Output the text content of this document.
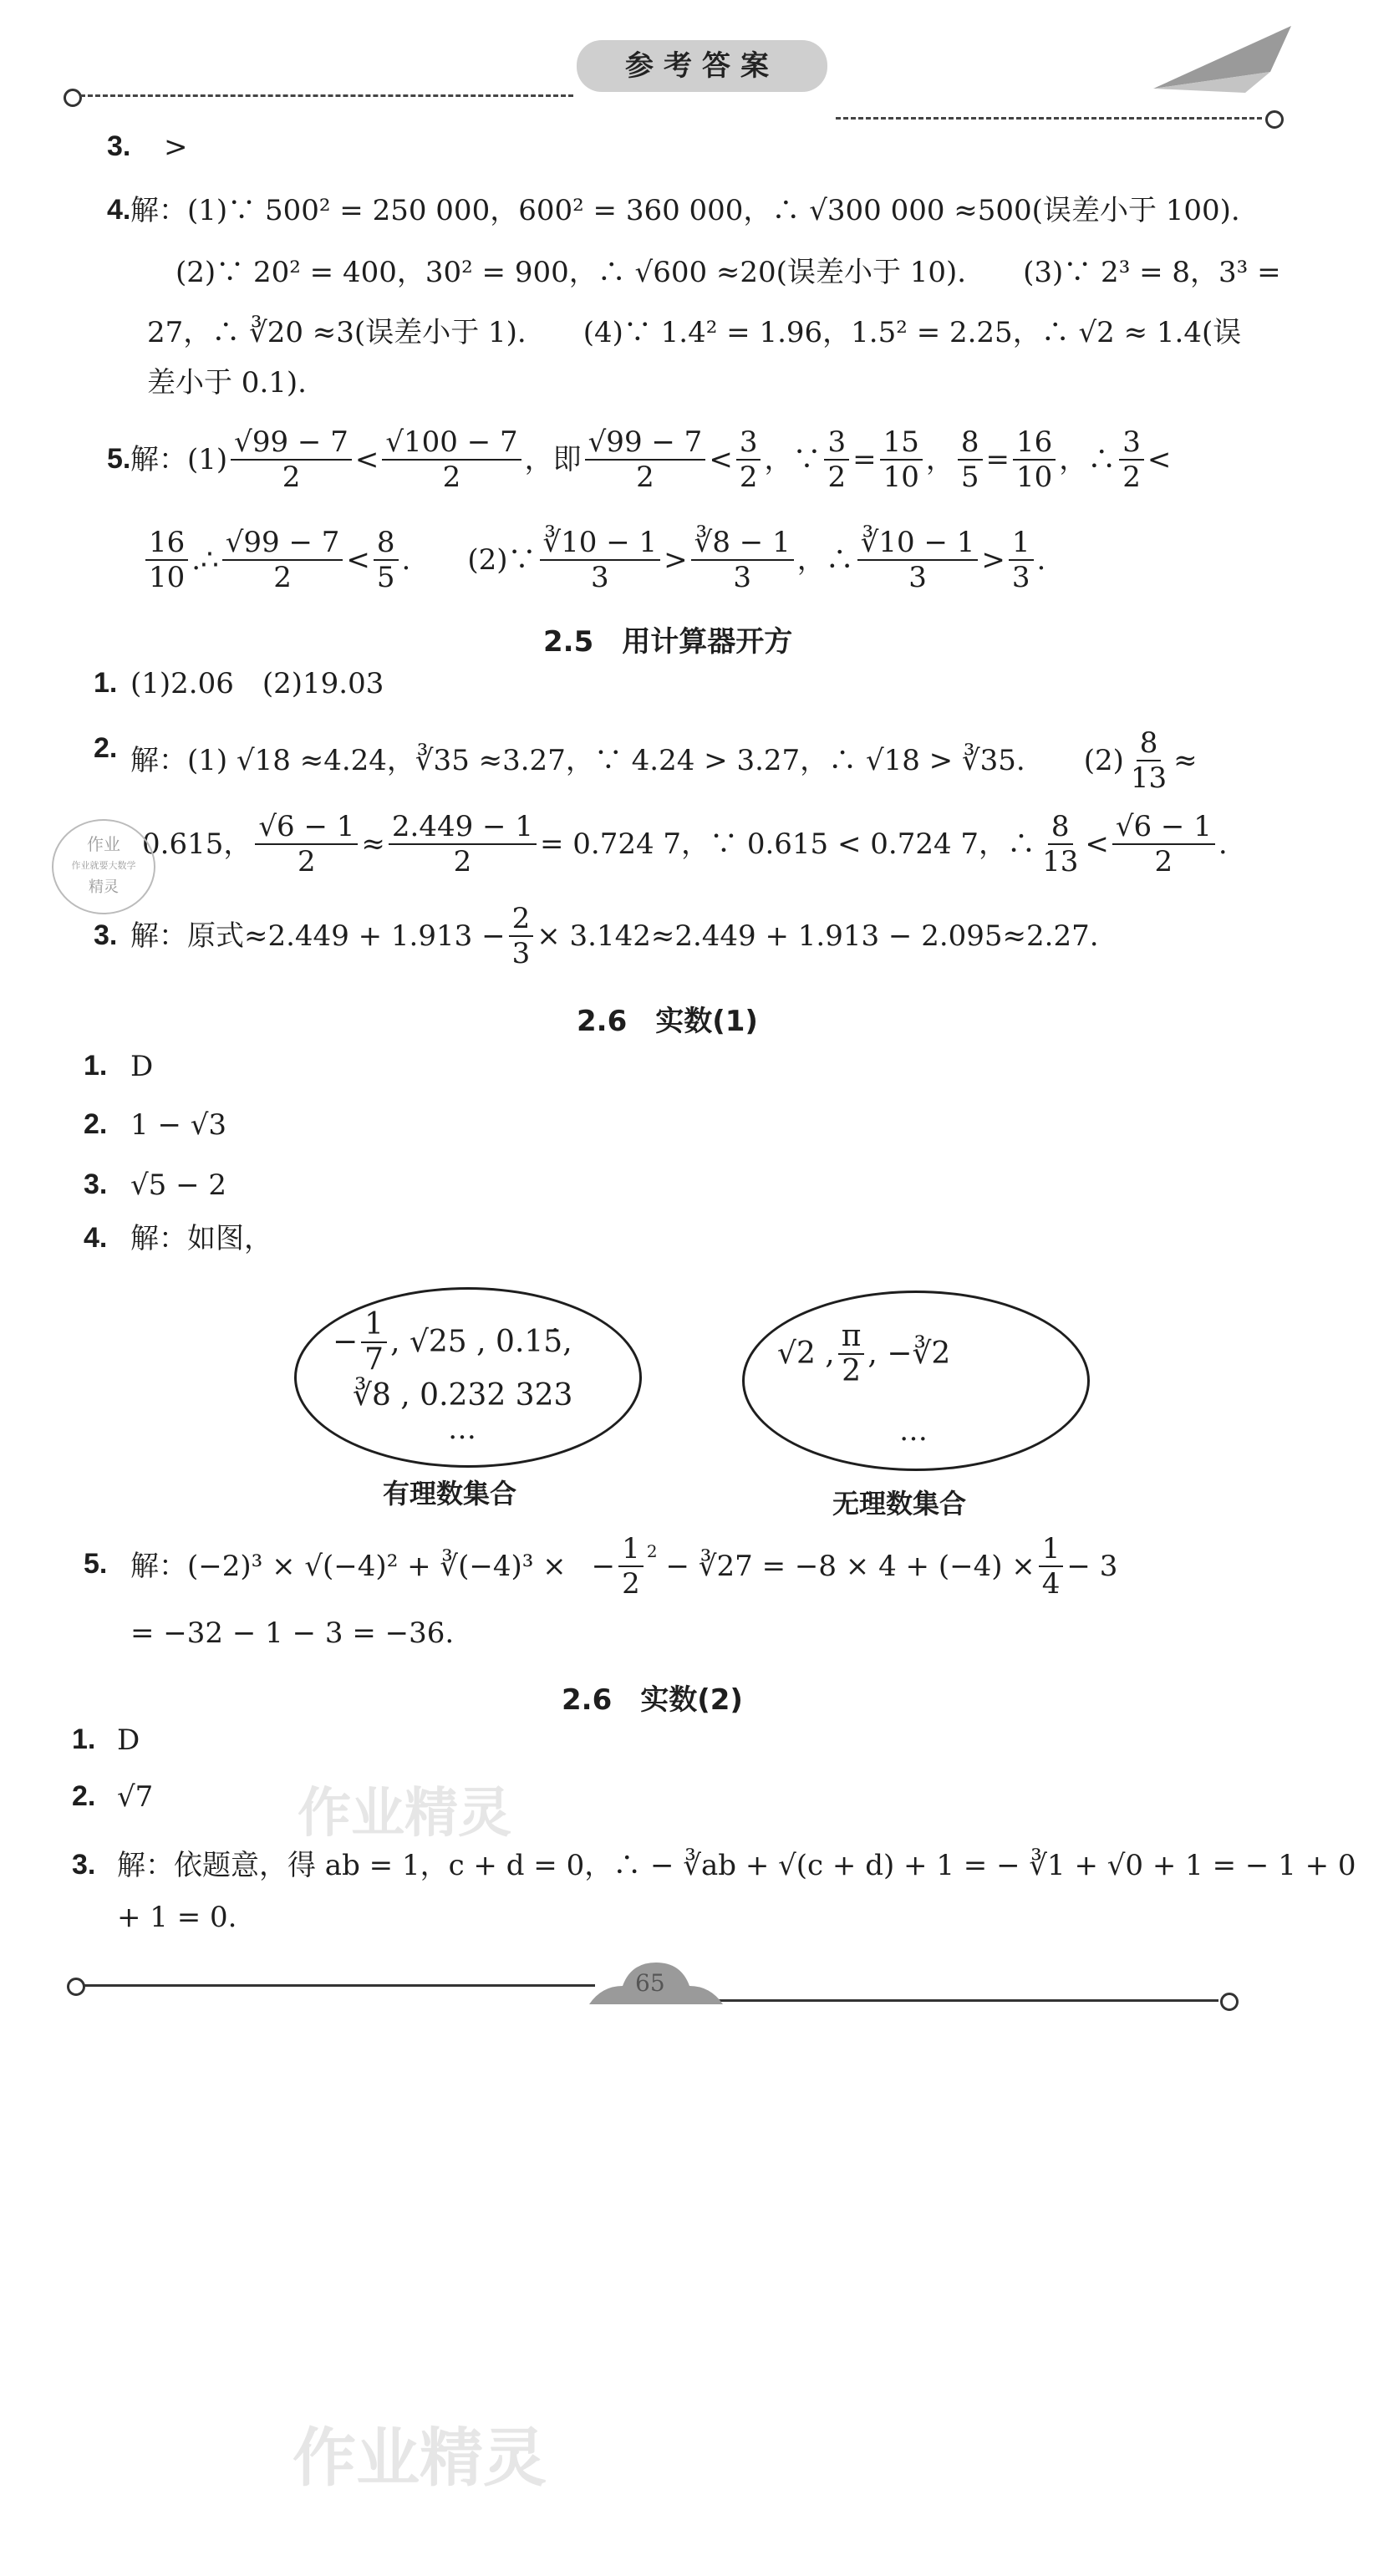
参考答案
3. >
4. 解：(1)∵ 500² = 250 000，600² = 360 000，∴ √300 000 ≈500(误差小于 100).
(2)∵ 20² = 400，30² = 900，∴ √600 ≈20(误差小于 10).　　(3)∵ 2³ = 8，3³ =
27，∴ ∛20 ≈3(误差小于 1).　　(4)∵ 1.4² = 1.96，1.5² = 2.25，∴ √2 ≈ 1.4(误
差小于 0.1).
5. 解：$(1) \frac{√99 - 7}{2} < \frac{√100 - 7}{2}$ ，即 $\frac{√99 - 7}{2} < \frac{3}{2}$ ，∵ $\frac{3}{2} = \frac{15}{10}$ ， $\frac{8}{5} = \frac{16}{10}$ ，∴ $\frac{3}{2}$ <
$\frac{16}{10}$ .∴ $\frac{√99 - 7}{2} < \frac{8}{5}$ .　　(2)∵ $\frac{∛10 - 1}{3} > \frac{∛8 - 1}{3}$ ，∴ $\frac{∛10 - 1}{3} > \frac{1}{3}$ .
2.5　用计算器开方
1. (1)2.06　(2)19.03
2. 解：(1) √18 ≈4.24，∛35 ≈3.27，∵ 4.24 > 3.27，∴ √18 > ∛35. $(2) \frac{8}{13}$ ≈
0.615， $\frac{√6 - 1}{2} \approx \frac{2.449 - 1}{2} = 0.724$ 7，∵ 0.615 < 0.724 7，∴ $\frac{8}{13} < \frac{√6 - 1}{2}$ .
作业
作业就要大数学
精灵
3. 解：原式$\approx 2.449 + 1.913 - \frac{2}{3} \times 3.142\approx 2.449 + 1.913 - 2.095\approx 2.27$.
2.6　实数(1)
1. D
2. 1 − √3
3. √5 − 2
4. 解：如图，
− $\frac{1}{7}$ , √25 , 0.15̇,
∛8 , 0.232 323
…
有理数集合
√2 , $\frac{\pi}{2}$ , −∛2
…
无理数集合
5. 解：(−2)³ × √(−4)² + ∛(−4)³ × − $\frac{1}{2} 2$ − ∛27 = $-8 \times 4 + (-4) \times \frac{1}{4} - 3$
= −32 − 1 − 3 = −36.
2.6　实数(2)
1. D
2. √7
3. 解：依题意，得 ab = 1，c + d = 0，∴ − ∛ab + √(c + d) + 1 = − ∛1 + √0 + 1 = − 1 + 0
+ 1 = 0.
65
作业精灵
作业精灵
